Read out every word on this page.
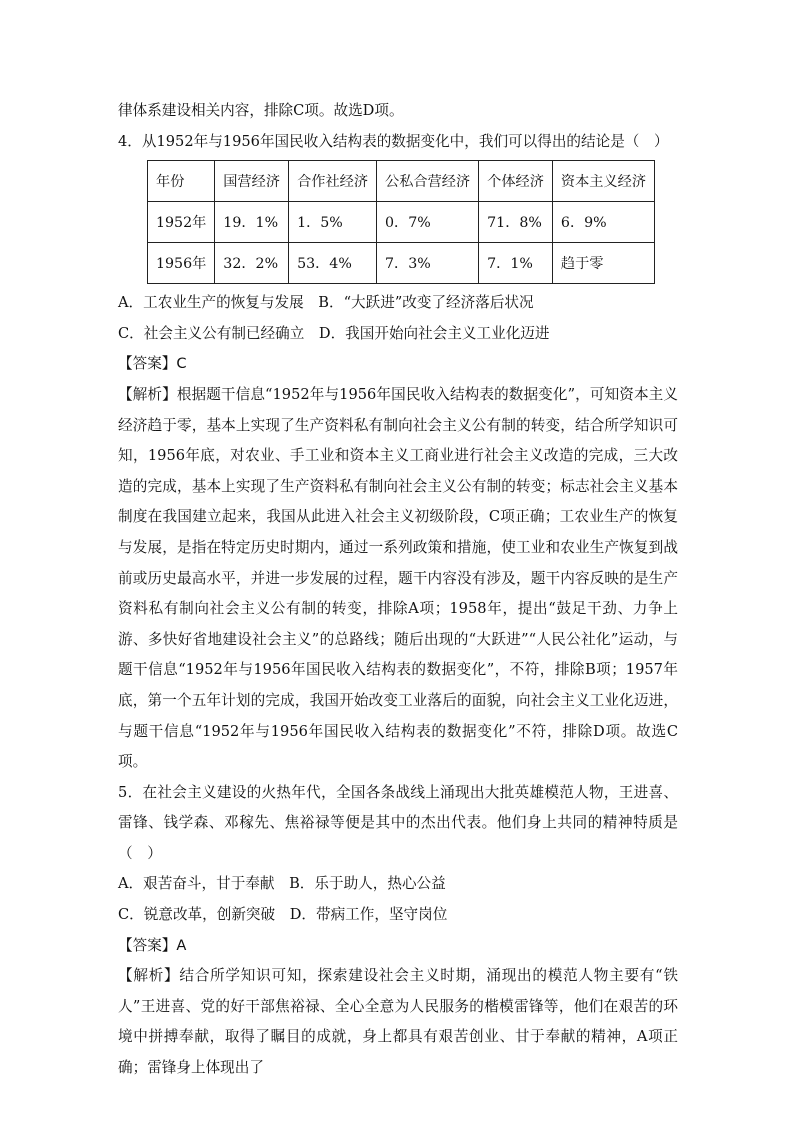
律体系建设相关内容，排除C项。故选D项。

4．从1952年与1956年国民收入结构表的数据变化中，我们可以得出的结论是（　）

年份	国营经济	合作社经济	公私合营经济	个体经济	资本主义经济
1952年	19．1%	1．5%	0．7%	71．8%	6．9%
1956年	32．2%	53．4%	7．3%	7．1%	趋于零

A．工农业生产的恢复与发展　B．“大跃进”改变了经济落后状况

C．社会主义公有制已经确立　D．我国开始向社会主义工业化迈进

【答案】C

【解析】根据题干信息“1952年与1956年国民收入结构表的数据变化”，可知资本主义经济趋于零，基本上实现了生产资料私有制向社会主义公有制的转变，结合所学知识可知，1956年底，对农业、手工业和资本主义工商业进行社会主义改造的完成，三大改造的完成，基本上实现了生产资料私有制向社会主义公有制的转变；标志社会主义基本制度在我国建立起来，我国从此进入社会主义初级阶段，C项正确；工农业生产的恢复与发展，是指在特定历史时期内，通过一系列政策和措施，使工业和农业生产恢复到战前或历史最高水平，并进一步发展的过程，题干内容没有涉及，题干内容反映的是生产资料私有制向社会主义公有制的转变，排除A项；1958年，提出“鼓足干劲、力争上游、多快好省地建设社会主义”的总路线；随后出现的“大跃进”“人民公社化”运动，与题干信息“1952年与1956年国民收入结构表的数据变化”，不符，排除B项；1957年底，第一个五年计划的完成，我国开始改变工业落后的面貌，向社会主义工业化迈进，与题干信息“1952年与1956年国民收入结构表的数据变化”不符，排除D项。故选C项。

5．在社会主义建设的火热年代，全国各条战线上涌现出大批英雄模范人物，王进喜、雷锋、钱学森、邓稼先、焦裕禄等便是其中的杰出代表。他们身上共同的精神特质是（　）

A．艰苦奋斗，甘于奉献　B．乐于助人，热心公益

C．锐意改革，创新突破　D．带病工作，坚守岗位

【答案】A

【解析】结合所学知识可知，探索建设社会主义时期，涌现出的模范人物主要有“铁人”王进喜、党的好干部焦裕禄、全心全意为人民服务的楷模雷锋等，他们在艰苦的环境中拼搏奉献，取得了瞩目的成就，身上都具有艰苦创业、甘于奉献的精神，A项正确；雷锋身上体现出了
